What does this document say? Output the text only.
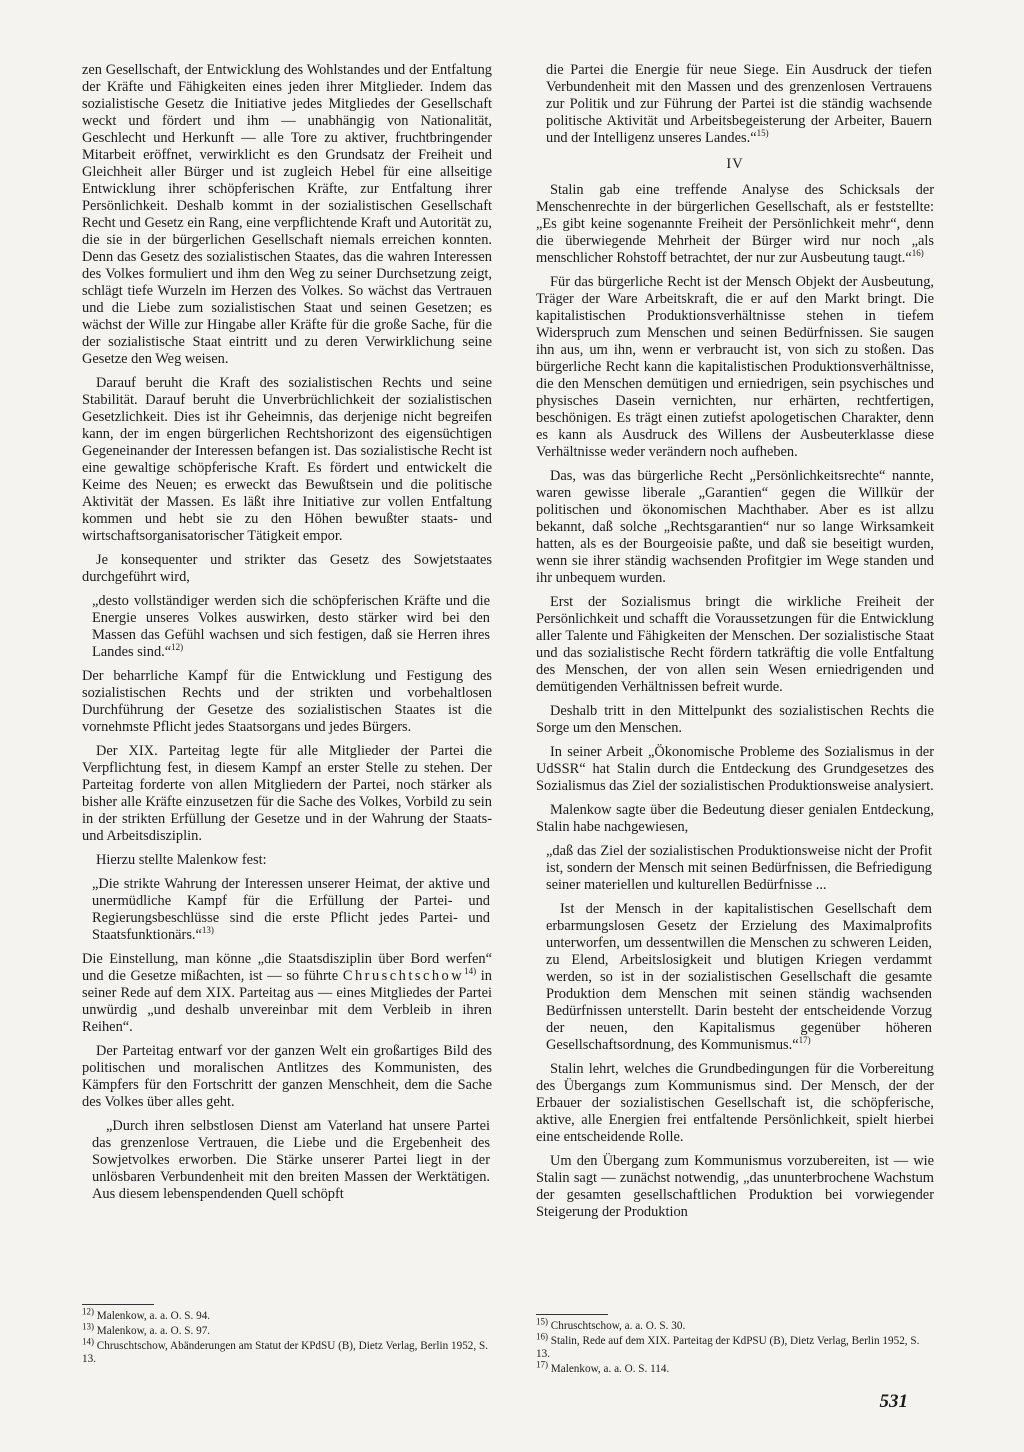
zen Gesellschaft, der Entwicklung des Wohlstandes und der Entfaltung der Kräfte und Fähigkeiten eines jeden ihrer Mitglieder. Indem das sozialistische Gesetz die Initiative jedes Mitgliedes der Gesellschaft weckt und fördert und ihm — unabhängig von Nationalität, Geschlecht und Herkunft — alle Tore zu aktiver, fruchtbringender Mitarbeit eröffnet, verwirklicht es den Grundsatz der Freiheit und Gleichheit aller Bürger und ist zugleich Hebel für eine allseitige Entwicklung ihrer schöpferischen Kräfte, zur Entfaltung ihrer Persönlichkeit. Deshalb kommt in der sozialistischen Gesellschaft Recht und Gesetz ein Rang, eine verpflichtende Kraft und Autorität zu, die sie in der bürgerlichen Gesellschaft niemals erreichen konnten. Denn das Gesetz des sozialistischen Staates, das die wahren Interessen des Volkes formuliert und ihm den Weg zu seiner Durchsetzung zeigt, schlägt tiefe Wurzeln im Herzen des Volkes. So wächst das Vertrauen und die Liebe zum sozialistischen Staat und seinen Gesetzen; es wächst der Wille zur Hingabe aller Kräfte für die große Sache, für die der sozialistische Staat eintritt und zu deren Verwirklichung seine Gesetze den Weg weisen.

Darauf beruht die Kraft des sozialistischen Rechts und seine Stabilität. Darauf beruht die Unverbrüchlichkeit der sozialistischen Gesetzlichkeit. Dies ist ihr Geheimnis, das derjenige nicht begreifen kann, der im engen bürgerlichen Rechtshorizont des eigensüchtigen Gegeneinander der Interessen befangen ist. Das sozialistische Recht ist eine gewaltige schöpferische Kraft. Es fördert und entwickelt die Keime des Neuen; es erweckt das Bewußtsein und die politische Aktivität der Massen. Es läßt ihre Initiative zur vollen Entfaltung kommen und hebt sie zu den Höhen bewußter staats- und wirtschaftsorganisatorischer Tätigkeit empor.

Je konsequenter und strikter das Gesetz des Sowjetstaates durchgeführt wird,

„desto vollständiger werden sich die schöpferischen Kräfte und die Energie unseres Volkes auswirken, desto stärker wird bei den Massen das Gefühl wachsen und sich festigen, daß sie Herren ihres Landes sind.“$^{12)}$

Der beharrliche Kampf für die Entwicklung und Festigung des sozialistischen Rechts und der strikten und vorbehaltlosen Durchführung der Gesetze des sozialistischen Staates ist die vornehmste Pflicht jedes Staatsorgans und jedes Bürgers.

Der XIX. Parteitag legte für alle Mitglieder der Partei die Verpflichtung fest, in diesem Kampf an erster Stelle zu stehen. Der Parteitag forderte von allen Mitgliedern der Partei, noch stärker als bisher alle Kräfte einzusetzen für die Sache des Volkes, Vorbild zu sein in der strikten Erfüllung der Gesetze und in der Wahrung der Staats- und Arbeitsdisziplin.

Hierzu stellte Malenkow fest:

„Die strikte Wahrung der Interessen unserer Heimat, der aktive und unermüdliche Kampf für die Erfüllung der Partei- und Regierungsbeschlüsse sind die erste Pflicht jedes Partei- und Staatsfunktionärs.“$^{13)}$

Die Einstellung, man könne „die Staatsdisziplin über Bord werfen“ und die Gesetze mißachten, ist — so führte Chruschtschow$^{14)}$ in seiner Rede auf dem XIX. Parteitag aus — eines Mitgliedes der Partei unwürdig „und deshalb unvereinbar mit dem Verbleib in ihren Reihen“.

Der Parteitag entwarf vor der ganzen Welt ein großartiges Bild des politischen und moralischen Antlitzes des Kommunisten, des Kämpfers für den Fortschritt der ganzen Menschheit, dem die Sache des Volkes über alles geht.

„Durch ihren selbstlosen Dienst am Vaterland hat unsere Partei das grenzenlose Vertrauen, die Liebe und die Ergebenheit des Sowjetvolkes erworben. Die Stärke unserer Partei liegt in der unlösbaren Verbundenheit mit den breiten Massen der Werktätigen. Aus diesem lebenspendenden Quell schöpft

die Partei die Energie für neue Siege. Ein Ausdruck der tiefen Verbundenheit mit den Massen und des grenzenlosen Vertrauens zur Politik und zur Führung der Partei ist die ständig wachsende politische Aktivität und Arbeitsbegeisterung der Arbeiter, Bauern und der Intelligenz unseres Landes.“$^{15)}$

IV

Stalin gab eine treffende Analyse des Schicksals der Menschenrechte in der bürgerlichen Gesellschaft, als er feststellte: „Es gibt keine sogenannte Freiheit der Persönlichkeit mehr“, denn die überwiegende Mehrheit der Bürger wird nur noch „als menschlicher Rohstoff betrachtet, der nur zur Ausbeutung taugt.“$^{16)}$

Für das bürgerliche Recht ist der Mensch Objekt der Ausbeutung, Träger der Ware Arbeitskraft, die er auf den Markt bringt. Die kapitalistischen Produktionsverhältnisse stehen in tiefem Widerspruch zum Menschen und seinen Bedürfnissen. Sie saugen ihn aus, um ihn, wenn er verbraucht ist, von sich zu stoßen. Das bürgerliche Recht kann die kapitalistischen Produktionsverhältnisse, die den Menschen demütigen und erniedrigen, sein psychisches und physisches Dasein vernichten, nur erhärten, rechtfertigen, beschönigen. Es trägt einen zutiefst apologetischen Charakter, denn es kann als Ausdruck des Willens der Ausbeuterklasse diese Verhältnisse weder verändern noch aufheben.

Das, was das bürgerliche Recht „Persönlichkeitsrechte“ nannte, waren gewisse liberale „Garantien“ gegen die Willkür der politischen und ökonomischen Machthaber. Aber es ist allzu bekannt, daß solche „Rechtsgarantien“ nur so lange Wirksamkeit hatten, als es der Bourgeoisie paßte, und daß sie beseitigt wurden, wenn sie ihrer ständig wachsenden Profitgier im Wege standen und ihr unbequem wurden.

Erst der Sozialismus bringt die wirkliche Freiheit der Persönlichkeit und schafft die Voraussetzungen für die Entwicklung aller Talente und Fähigkeiten der Menschen. Der sozialistische Staat und das sozialistische Recht fördern tatkräftig die volle Entfaltung des Menschen, der von allen sein Wesen erniedrigenden und demütigenden Verhältnissen befreit wurde.

Deshalb tritt in den Mittelpunkt des sozialistischen Rechts die Sorge um den Menschen.

In seiner Arbeit „Ökonomische Probleme des Sozialismus in der UdSSR“ hat Stalin durch die Entdeckung des Grundgesetzes des Sozialismus das Ziel der sozialistischen Produktionsweise analysiert.

Malenkow sagte über die Bedeutung dieser genialen Entdeckung, Stalin habe nachgewiesen,

„daß das Ziel der sozialistischen Produktionsweise nicht der Profit ist, sondern der Mensch mit seinen Bedürfnissen, die Befriedigung seiner materiellen und kulturellen Bedürfnisse ...

Ist der Mensch in der kapitalistischen Gesellschaft dem erbarmungslosen Gesetz der Erzielung des Maximalprofits unterworfen, um dessentwillen die Menschen zu schweren Leiden, zu Elend, Arbeitslosigkeit und blutigen Kriegen verdammt werden, so ist in der sozialistischen Gesellschaft die gesamte Produktion dem Menschen mit seinen ständig wachsenden Bedürfnissen unterstellt. Darin besteht der entscheidende Vorzug der neuen, den Kapitalismus gegenüber höheren Gesellschaftsordnung, des Kommunismus.“$^{17)}$

Stalin lehrt, welches die Grundbedingungen für die Vorbereitung des Übergangs zum Kommunismus sind. Der Mensch, der der Erbauer der sozialistischen Gesellschaft ist, die schöpferische, aktive, alle Energien frei entfaltende Persönlichkeit, spielt hierbei eine entscheidende Rolle.

Um den Übergang zum Kommunismus vorzubereiten, ist — wie Stalin sagt — zunächst notwendig, „das ununterbrochene Wachstum der gesamten gesellschaftlichen Produktion bei vorwiegender Steigerung der Produktion

$^{12)}$ Malenkow, a. a. O. S. 94.
$^{13)}$ Malenkow, a. a. O. S. 97.
$^{14)}$ Chruschtschow, Abänderungen am Statut der KPdSU (B), Dietz Verlag, Berlin 1952, S. 13.
$^{15)}$ Chruschtschow, a. a. O. S. 30.
$^{16)}$ Stalin, Rede auf dem XIX. Parteitag der KdPSU (B), Dietz Verlag, Berlin 1952, S. 13.
$^{17)}$ Malenkow, a. a. O. S. 114.
531
